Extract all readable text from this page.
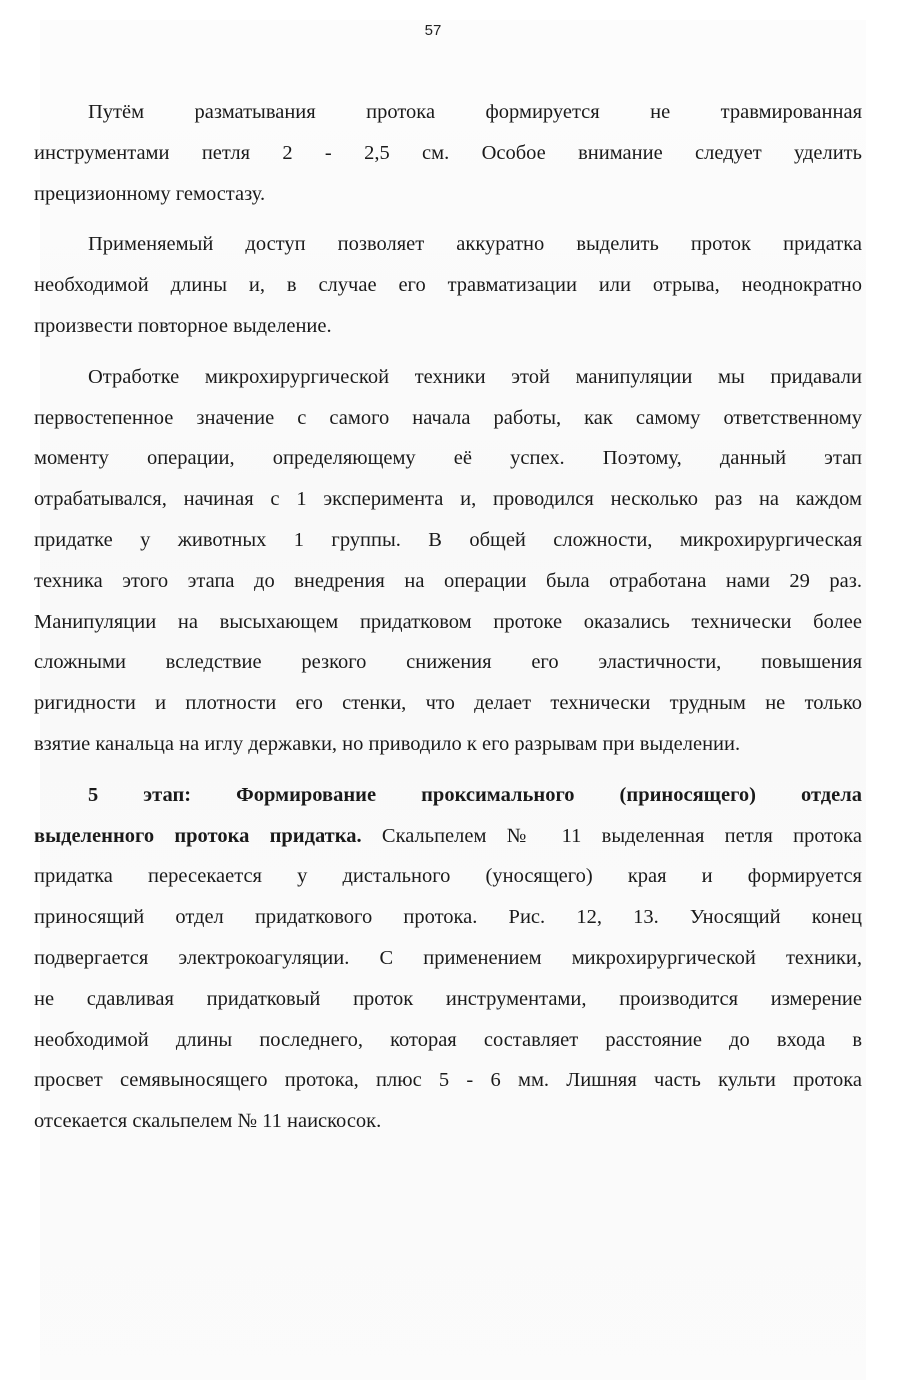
57
Путём разматывания протока формируется не травмированная
инструментами петля 2 - 2,5 см. Особое внимание следует уделить
прецизионному гемостазу.
Применяемый доступ позволяет аккуратно выделить проток придатка
необходимой длины и, в случае его травматизации или отрыва, неоднократно
произвести повторное выделение.
Отработке микрохирургической техники этой манипуляции мы придавали
первостепенное значение с самого начала работы, как самому ответственному
моменту операции, определяющему её успех. Поэтому, данный этап
отрабатывался, начиная с 1 эксперимента и, проводился несколько раз на каждом
придатке у животных 1 группы. В общей сложности, микрохирургическая
техника этого этапа до внедрения на операции была отработана нами 29 раз.
Манипуляции на высыхающем придатковом протоке оказались технически более
сложными вследствие резкого снижения его эластичности, повышения
ригидности и плотности его стенки, что делает технически трудным не только
взятие канальца на иглу державки, но приводило к его разрывам при выделении.
5 этап: Формирование проксимального (приносящего) отдела
выделенного протока придатка. Скальпелем № 11 выделенная петля протока
придатка пересекается у дистального (уносящего) края и формируется
приносящий отдел придаткового протока. Рис. 12, 13. Уносящий конец
подвергается электрокоагуляции. С применением микрохирургической техники,
не сдавливая придатковый проток инструментами, производится измерение
необходимой длины последнего, которая составляет расстояние до входа в
просвет семявыносящего протока, плюс 5 - 6 мм. Лишняя часть культи протока
отсекается скальпелем № 11 наискосок.
